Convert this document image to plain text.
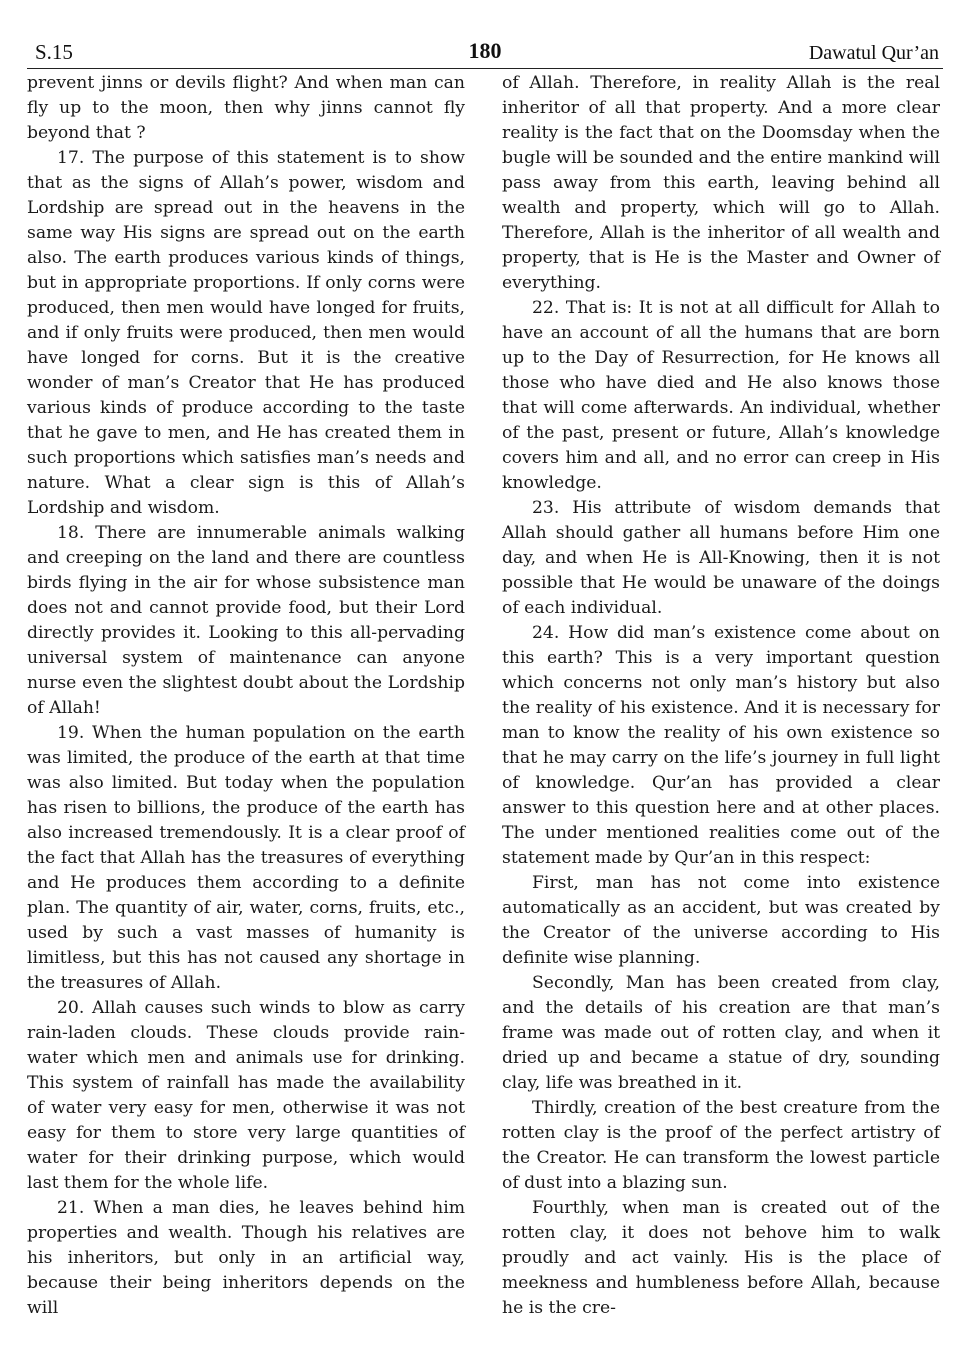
S.15	180	Dawatul Qur’an

prevent jinns or devils flight? And when man can fly up to the moon, then why jinns cannot fly beyond that ?

17. The purpose of this statement is to show that as the signs of Allah’s power, wisdom and Lordship are spread out in the heavens in the same way His signs are spread out on the earth also. The earth produces various kinds of things, but in appropriate proportions. If only corns were produced, then men would have longed for fruits, and if only fruits were produced, then men would have longed for corns. But it is the creative wonder of man’s Creator that He has produced various kinds of produce according to the taste that he gave to men, and He has created them in such proportions which satisfies man’s needs and nature. What a clear sign is this of Allah’s Lordship and wisdom.

18. There are innumerable animals walking and creeping on the land and there are countless birds flying in the air for whose subsistence man does not and cannot provide food, but their Lord directly provides it. Looking to this all-pervading universal system of maintenance can anyone nurse even the slightest doubt about the Lordship of Allah!

19. When the human population on the earth was limited, the produce of the earth at that time was also limited. But today when the population has risen to billions, the produce of the earth has also increased tremendously. It is a clear proof of the fact that Allah has the treasures of everything and He produces them according to a definite plan. The quantity of air, water, corns, fruits, etc., used by such a vast masses of humanity is limitless, but this has not caused any shortage in the treasures of Allah.

20. Allah causes such winds to blow as carry rain-laden clouds. These clouds provide rain-water which men and animals use for drinking. This system of rainfall has made the availability of water very easy for men, otherwise it was not easy for them to store very large quantities of water for their drinking purpose, which would last them for the whole life.

21. When a man dies, he leaves behind him properties and wealth. Though his relatives are his inheritors, but only in an artificial way, because their being inheritors depends on the will

of Allah. Therefore, in reality Allah is the real inheritor of all that property. And a more clear reality is the fact that on the Doomsday when the bugle will be sounded and the entire mankind will pass away from this earth, leaving behind all wealth and property, which will go to Allah. Therefore, Allah is the inheritor of all wealth and property, that is He is the Master and Owner of everything.

22. That is: It is not at all difficult for Allah to have an account of all the humans that are born up to the Day of Resurrection, for He knows all those who have died and He also knows those that will come afterwards. An individual, whether of the past, present or future, Allah’s knowledge covers him and all, and no error can creep in His knowledge.

23. His attribute of wisdom demands that Allah should gather all humans before Him one day, and when He is All-Knowing, then it is not possible that He would be unaware of the doings of each individual.

24. How did man’s existence come about on this earth? This is a very important question which concerns not only man’s history but also the reality of his existence. And it is necessary for man to know the reality of his own existence so that he may carry on the life’s journey in full light of knowledge. Qur’an has provided a clear answer to this question here and at other places. The under mentioned realities come out of the statement made by Qur’an in this respect:

First, man has not come into existence automatically as an accident, but was created by the Creator of the universe according to His definite wise planning.

Secondly, Man has been created from clay, and the details of his creation are that man’s frame was made out of rotten clay, and when it dried up and became a statue of dry, sounding clay, life was breathed in it.

Thirdly, creation of the best creature from the rotten clay is the proof of the perfect artistry of the Creator. He can transform the lowest particle of dust into a blazing sun.

Fourthly, when man is created out of the rotten clay, it does not behove him to walk proudly and act vainly. His is the place of meekness and humbleness before Allah, because he is the cre-
